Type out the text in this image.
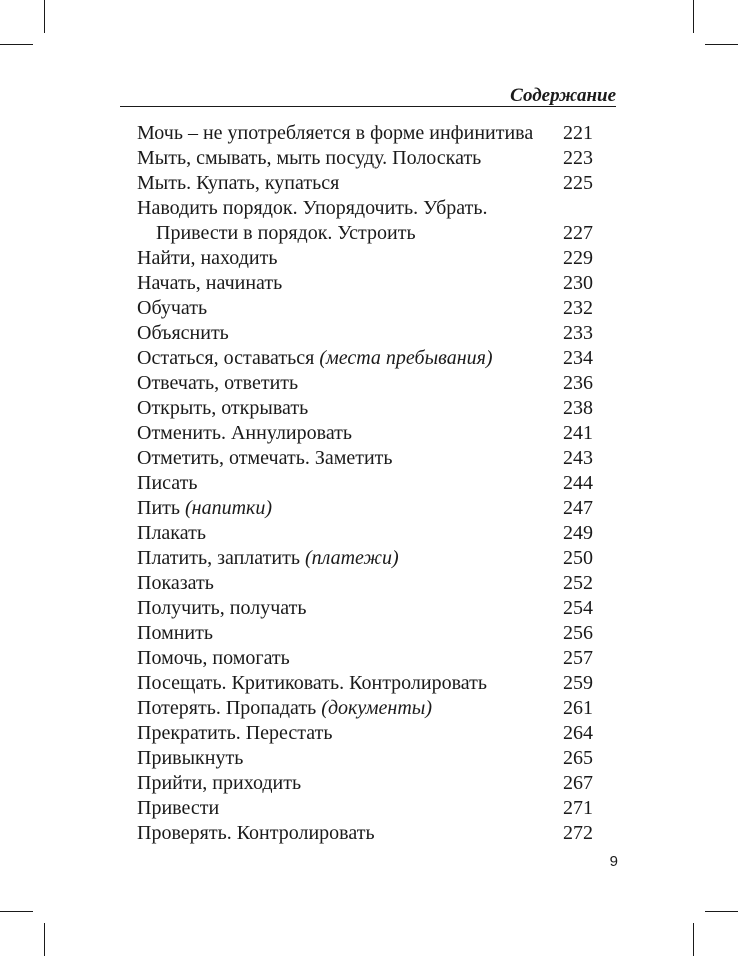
Содержание
Мочь – не употребляется в форме инфинитива	221
Мыть, смывать, мыть посуду. Полоскать	223
Мыть. Купать, купаться	225
Наводить порядок. Упорядочить. Убрать.
Привести в порядок. Устроить	227
Найти, находить	229
Начать, начинать	230
Обучать	232
Объяснить	233
Остаться, оставаться (места пребывания)	234
Отвечать, ответить	236
Открыть, открывать	238
Отменить. Аннулировать	241
Отметить, отмечать. Заметить	243
Писать	244
Пить (напитки)	247
Плакать	249
Платить, заплатить (платежи)	250
Показать	252
Получить, получать	254
Помнить	256
Помочь, помогать	257
Посещать. Критиковать. Контролировать	259
Потерять. Пропадать (документы)	261
Прекратить. Перестать	264
Привыкнуть	265
Прийти, приходить	267
Привести	271
Проверять. Контролировать	272
9
